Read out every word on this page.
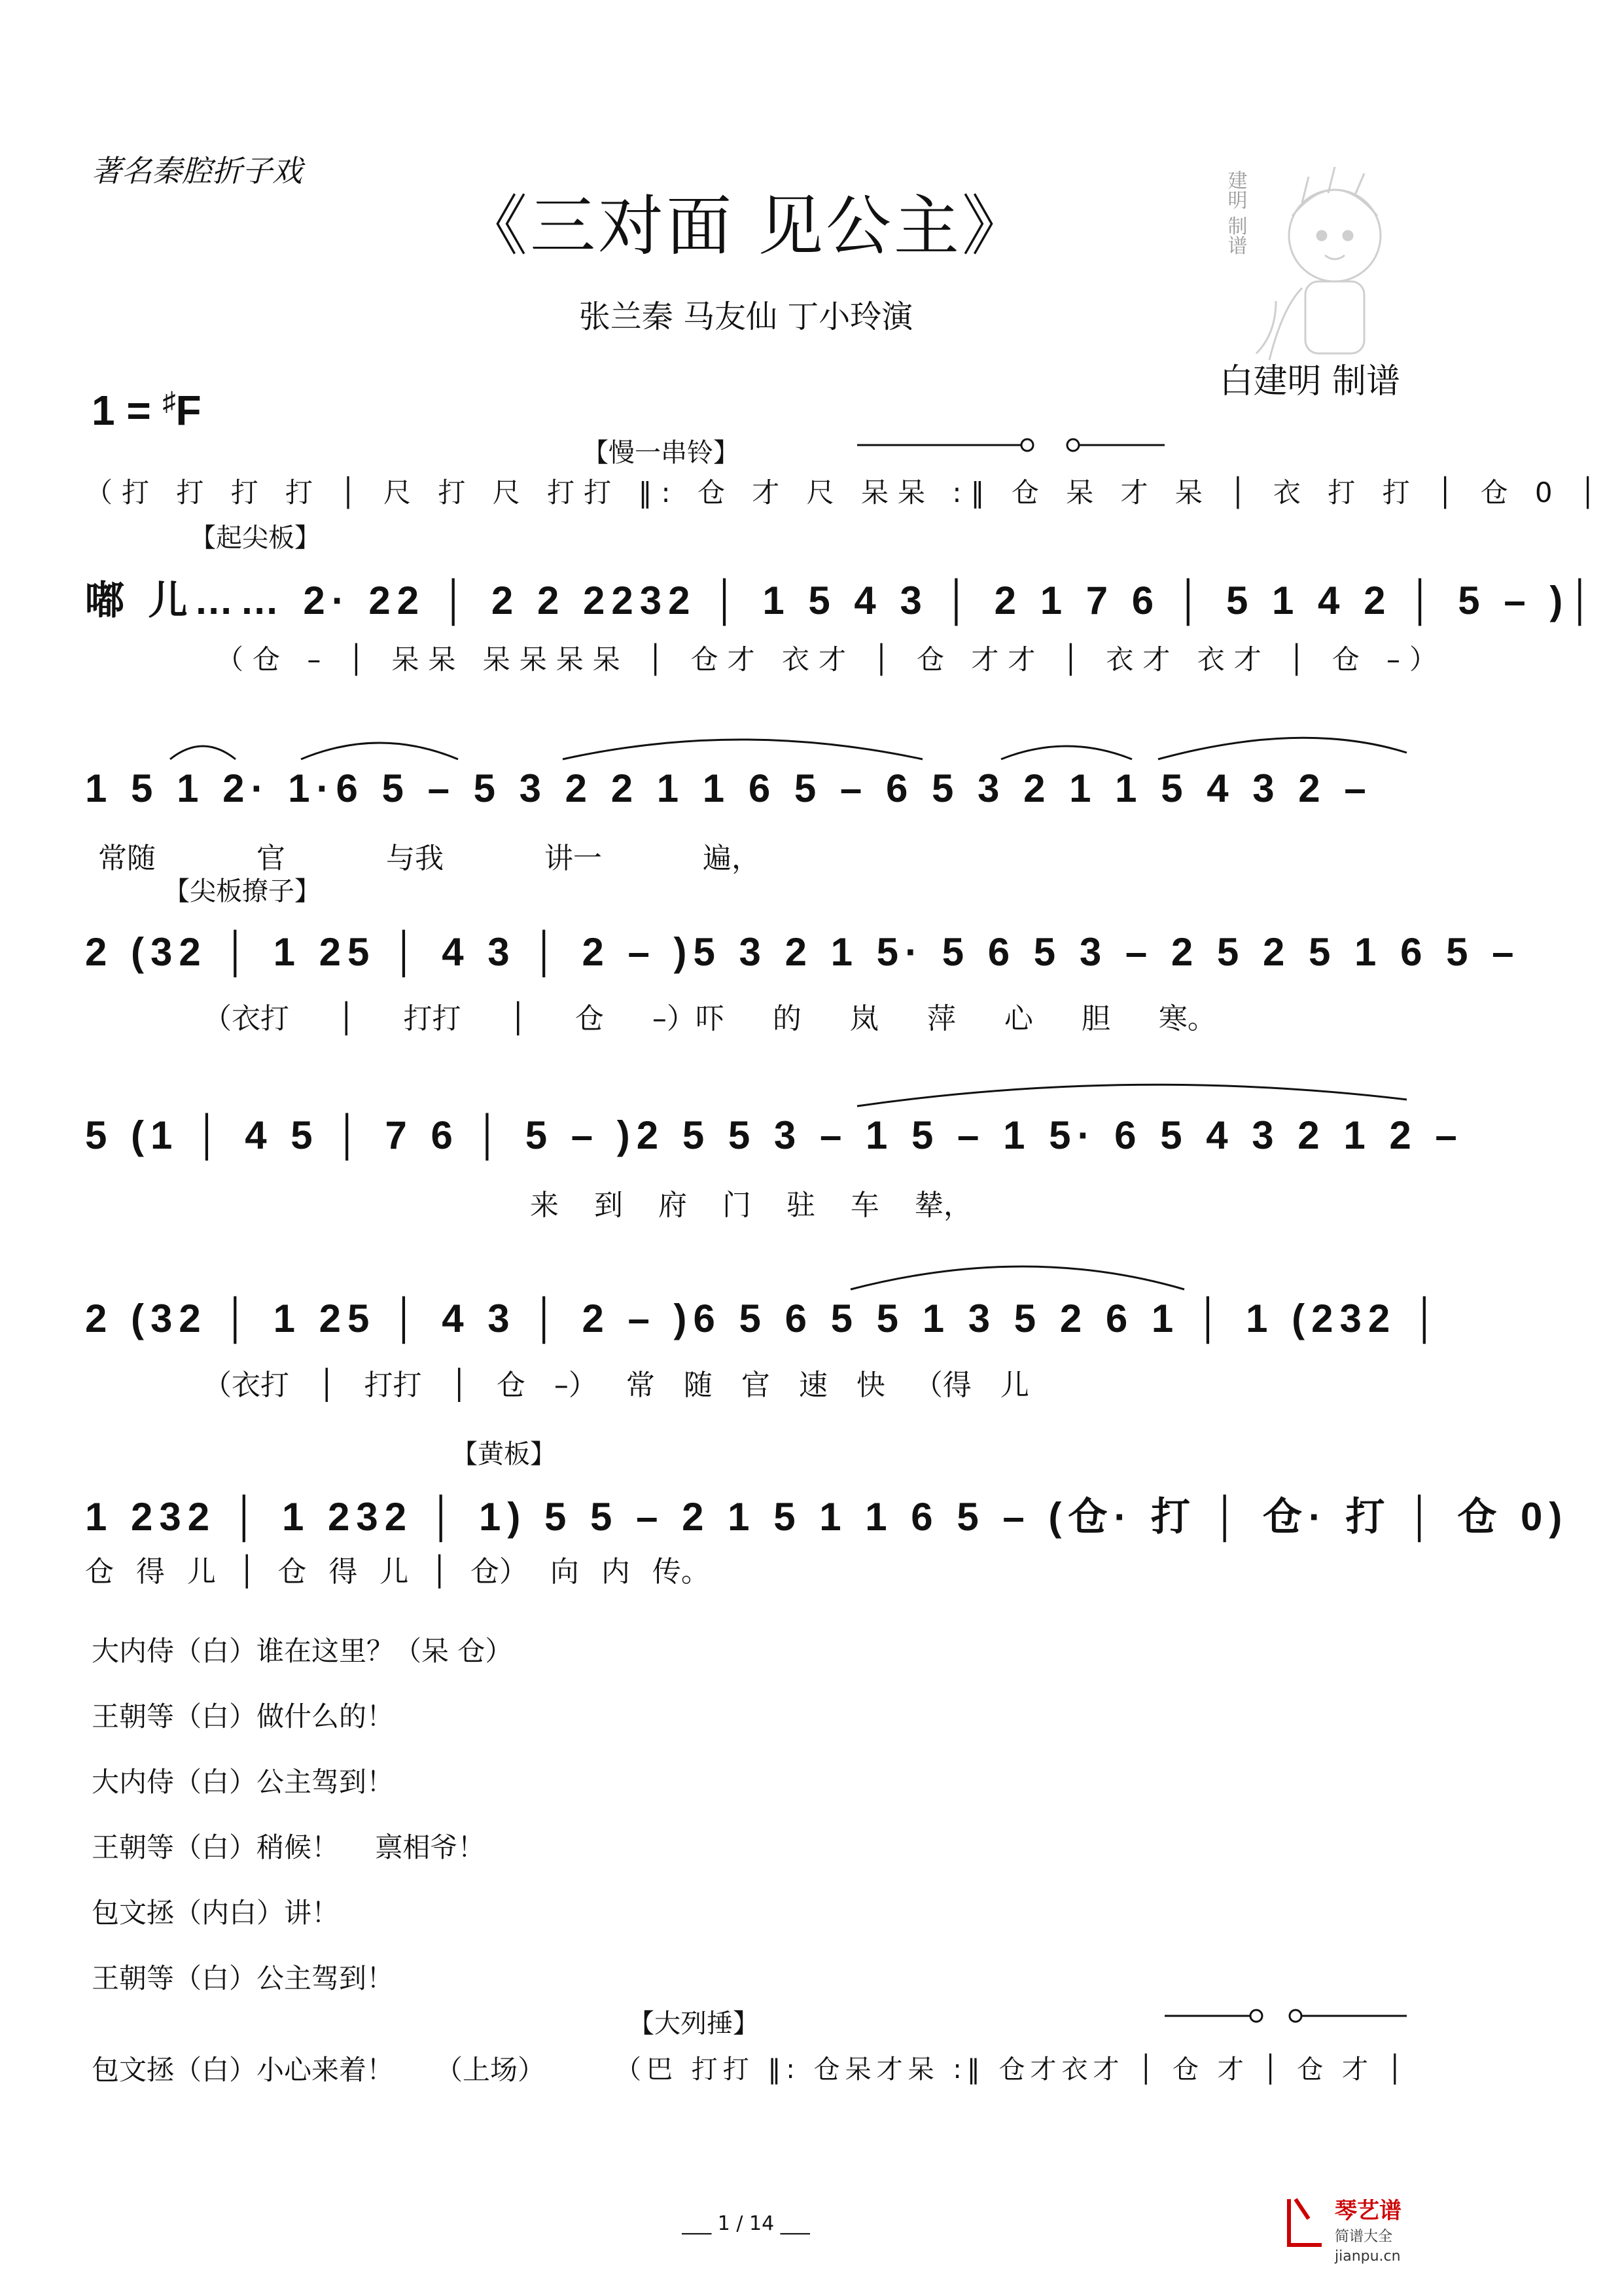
著名秦腔折子戏
《三对面 见公主》
张兰秦 马友仙 丁小玲演
白建明 制谱
1 = ♯F
建明 制谱
【慢一串铃】
（打 打 打 打 │ 尺 打 尺 打打 ‖: 仓 才 尺 呆呆 :‖ 仓 呆 才 呆 │ 衣 打 打 │ 仓 0 │
【起尖板】
嘟 儿…… 2· 22 │ 2 2 2232 │ 1 5 4 3 │ 2 1 7 6 │ 5 1 4 2 │ 5 – )│
（仓 – │ 呆呆 呆呆呆呆 │ 仓才 衣才 │ 仓 才才 │ 衣才 衣才 │ 仓 –）
1 5 1 2· 1·6 5 – 5 3 2 2 1 1 6 5 – 6 5 3 2 1 1 5 4 3 2 –
常随 官 与我 讲一 遍，
【尖板撩子】
2 (32 │ 1 25 │ 4 3 │ 2 – )5 3 2 1 5· 5 6 5 3 – 2 5 2 5 1 6 5 –
（衣打 │ 打打 │ 仓 –）吓 的 岚 萍 心 胆 寒。
5 (1 │ 4 5 │ 7 6 │ 5 – )2 5 5 3 – 1 5 – 1 5· 6 5 4 3 2 1 2 –
来 到 府 门 驻 车 辇，
2 (32 │ 1 25 │ 4 3 │ 2 – )6 5 6 5 5 1 3 5 2 6 1 │ 1 (232 │
（衣打 │ 打打 │ 仓 –） 常 随 官 速 快 （得 儿
【黄板】
1 232 │ 1 232 │ 1) 5 5 – 2 1 5 1 1 6 5 – (仓· 打 │ 仓· 打 │ 仓 0)
仓 得 儿 │ 仓 得 儿 │ 仓） 向 内 传。
大内侍（白）谁在这里？（呆 仓）
王朝等（白）做什么的！
大内侍（白）公主驾到！
王朝等（白）稍候！　 禀相爷！
包文拯（内白）讲！
王朝等（白）公主驾到！
包文拯（白）小心来着！　　（上场）
【大列捶】
（巴 打打 ‖: 仓呆才呆 :‖ 仓才衣才 │ 仓 才 │ 仓 才 │
___ 1 / 14 ___	琴艺谱
简谱大全
jianpu.cn
